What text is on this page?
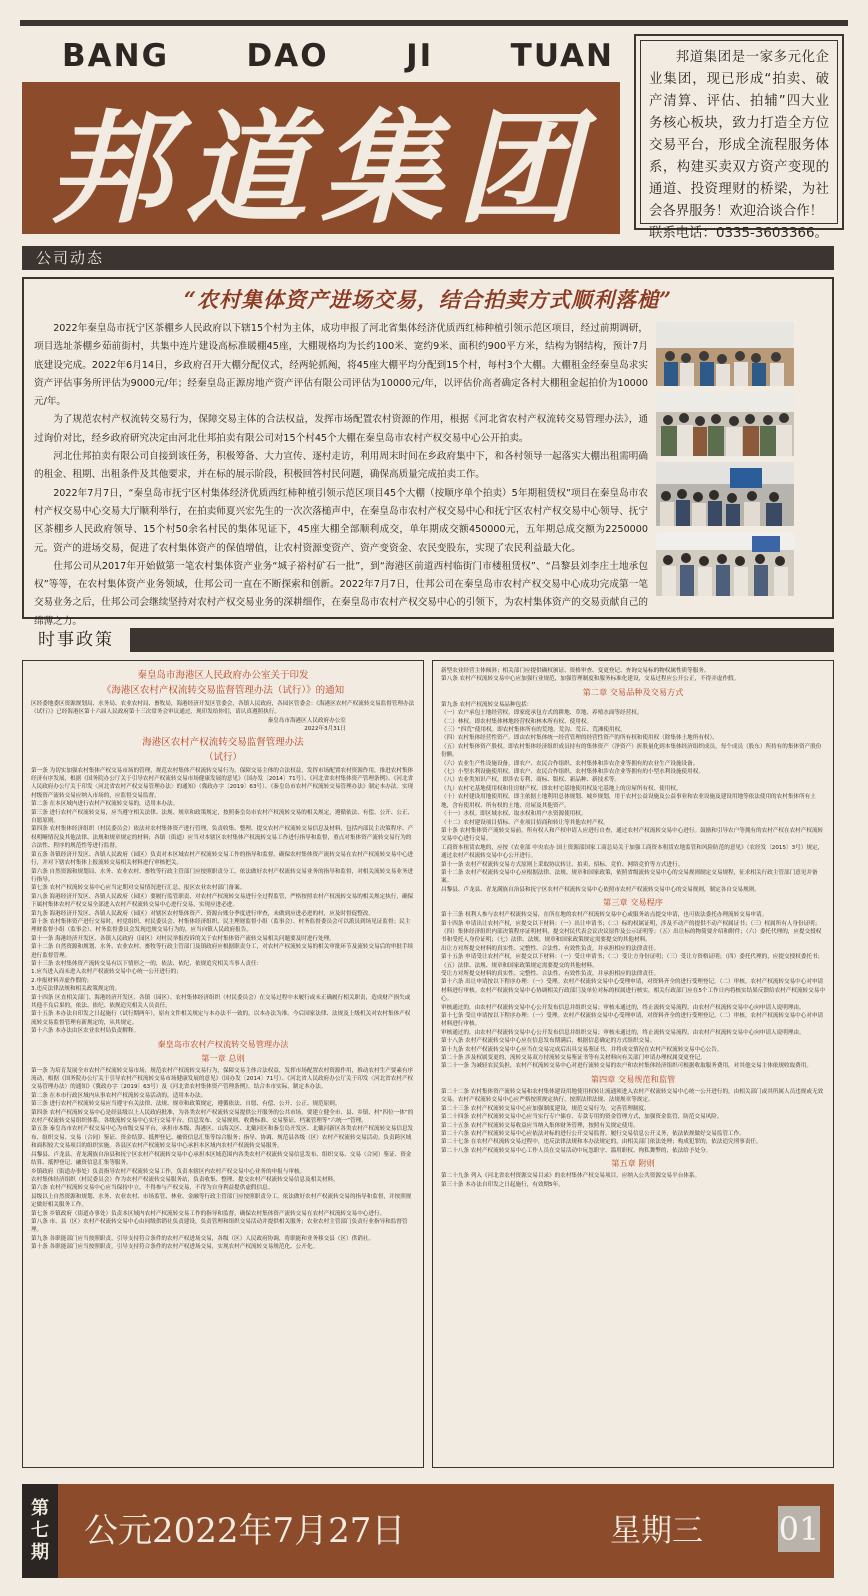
BANG	DAO	JI	TUAN
邦道集团
邦道集团是一家多元化企业集团，现已形成“拍卖、破产清算、评估、拍辅”四大业务核心板块，致力打造全方位交易平台，形成全流程服务体系，构建买卖双方资产变现的通道、投资理财的桥梁，为社会各界服务！欢迎洽谈合作！
联系电话：0335-3603366。
公司动态
“农村集体资产进场交易，结合拍卖方式顺利落槌”

2022年秦皇岛市抚宁区茶棚乡人民政府以下辖15个村为主体，成功申报了河北省集体经济优质西红柿种植引领示范区项目，经过前期调研，项目选址茶棚乡茹前街村，共集中连片建设高标准暖棚45座，大棚规格均为长约100米、宽约9米、面积约900平方米，结构为钢结构，预计7月底建设完成。2022年6月14日，乡政府召开大棚分配仪式，经两轮抓阄，将45座大棚平均分配到15个村，每村3个大棚。大棚租金经秦皇岛求实资产评估事务所评估为9000元/年；经秦皇岛正源房地产资产评估有限公司评估为10000元/年，以评估价高者确定各村大棚租金起拍价为10000元/年。

为了规范农村产权流转交易行为，保障交易主体的合法权益，发挥市场配置农村资源的作用，根据《河北省农村产权流转交易管理办法》，通过询价对比，经乡政府研究决定由河北仕邦拍卖有限公司对15个村45个大棚在秦皇岛市农村产权交易中心公开拍卖。

河北仕邦拍卖有限公司自接到该任务，积极筹备、大力宣传、逐村走访，利用周末时间在乡政府集中下，和各村领导一起落实大棚出租需明确的租金、租期、出租条件及其他要求，并在标的展示阶段，积极回答村民问题，确保高质量完成拍卖工作。

2022年7月7日，“秦皇岛市抚宁区村集体经济优质西红柿种植引领示范区项目45个大棚（按顺序单个拍卖）5年期租赁权”项目在秦皇岛市农村产权交易中心交易大厅顺利举行，在拍卖师夏兴宏先生的一次次落槌声中，在秦皇岛市农村产权交易中心和抚宁区农村产权交易中心领导、抚宁区茶棚乡人民政府领导、15个村50余名村民的集体见证下，45座大棚全部顺利成交，单年期成交额450000元，五年期总成交额为2250000元。资产的进场交易，促进了农村集体资产的保值增值，让农村资源变资产、资产变资金、农民变股东，实现了农民利益最大化。

仕邦公司从2017年开始做第一笔农村集体资产业务“城子裕村矿石一批”，到“海港区前道西村临街门市楼租赁权”、“昌黎县刘李庄土地承包权”等等，在农村集体资产业务领域，仕邦公司一直在不断探索和创新。2022年7月7日，仕邦公司在秦皇岛市农村产权交易中心成功完成第一笔交易业务之后，仕邦公司会继续坚持对农村产权交易业务的深耕细作，在秦皇岛市农村产权交易中心的引领下，为农村集体资产的交易贡献自己的绵薄之力。

时事政策

秦皇岛市海港区人民政府办公室关于印发

《海港区农村产权流转交易监督管理办法（试行）》的通知

区经委地委区资源规划局、水务局、农业农村局、畜牧局，海港经济开发区管委会，各镇人民政府，各园区管委会：《海港区农村产权流转交易监督管理办法（试行）》已经海港区第十六届人民政府第十三次常务会审议通过，现印发给你们，请认真遵照执行。

秦皇岛市海港区人民政府办公室

2022年3月31日

海港区农村产权流转交易监督管理办法

（试行）

第一条 为切实加强农村集体产权交易市场的管理，规范农村集体产权流转交易行为，保障交易主体的合法权益，发挥市场配置农村资源作用，推进农村集体经济有序发展，根据《国务院办公厅关于引导农村产权流转交易市场健康发展的意见》（国办发〔2014〕71号）、《河北省农村集体资产管理条例》、《河北省人民政府办公厅关于印发〈河北省农村产权交易管理办法〉的通知》（冀政办字〔2019〕63号）、《秦皇岛市农村产权流转交易管理办法》制定本办法。实现村级资产流转交易应纳入市场的，应监督交易监督。

第二条 在本区域内进行农村产权流转交易的，适用本办法。

第三条 进行农村产权流转交易，应当遵守相关法律、法规、规章和政策规定，按照秦皇岛市农村产权流转交易的相关规定，遵循依法、有偿、公开、公正、自愿原则。

第四条 农村集体经济组织（村民委员会）依法对农村集体资产进行管理，负责收集、整理、提交农村产权流转交易信息及材料，包括内部民主决策程序、产权明晰情况及其他法律、法规和规章规定的材料；各镇（街道）应当对本辖区农村集体产权流转交易工作进行指导和监督，重点对集体资产流转交易行为的合法性、程序的规范性等进行监督。

第五条 各镇经济开发区、各镇人民政府（园区）负责对本区域农村产权流转交易工作的指导和监督，确保农村集体资产流转交易在农村产权流转交易中心进行，并对下辖农村集体上报流转交易相关材料进行审核把关。

第六条 自然资源和规划局、水务、农业农村、畜牧等行政主管部门应按照职责分工，依法做好农村产权流转交易业务的指导和监督，对相关流转交易业务进行指导。

第七条 农村产权流转交易中心应当定期对交易情况进行汇总，报区农业农村部门备案。

第八条 海港经济开发区、各镇人民政府（园区）要履行监管职责，对农村产权流转交易进行全过程监管，严格按照农村产权流转交易的相关规定执行，确保下属村集体农村产权交易全部进入农村产权流转交易中心进行交易，实现应进必进。

第九条 海港经济开发区、各镇人民政府（园区）对辖区农村集体资产、资源台账分季度进行审查，未做到应进必进的村，应及时督促整改。

第十条 农村集体资产进行交易时，村党组织、村民委员会、村集体经济组织、民主理财监督小组（监事会）、村务监督委员会可以派员到场见证监督；民主理财监督小组（监事会）、村务监督委员会发现违规交易行为的，应当向镇人民政府报告。

第十一条 海港经济开发区、各镇人民政府（园区）对村民举报投诉的关于农村集体资产流转交易相关问题要及时进行处理。

第十二条 自然资源和规划、水务、农业农村、畜牧等行政主管部门及镇政府应根据职责分工，对农村产权流转交易的相关审批环节及流转交易后的审批手续进行监督管理。

第十三条 农村集体资产流转交易有以下情形之一的，依法、依纪、依规追究相关当事人责任：

1.应当进入而未进入农村产权流转交易中心统一公开进行的；

2.申报材料弄虚作假的；

3.违反法律法规和相关政策规定的。

第十四条 区直相关部门、海港经济开发区、各镇（园区）、农村集体经济组织（村民委员会）在交易过程中未履行或未正确履行相关职责，造成财产损失或其他不良后果的，依法、依纪、依规追究相关人员责任。

第十五条 本办法自印发之日起施行（试行期两年），原有文件相关规定与本办法不一致的，以本办法为准。今后国家法律、法规及上级机关对农村集体产权流转交易监督管理有新规定的，从其规定。

第十六条 本办法由区农业农村局负责解释。

秦皇岛市农村产权流转交易管理办法

第一章 总则

第一条 为培育发展全市农村产权流转交易市场，规范农村产权流转交易行为，保障交易主体合法权益，发挥市场配置农村资源作用，推动农村生产要素有序流动，根据《国务院办公厅关于引导农村产权流转交易市场健康发展的意见》（国办发〔2014〕71号）、《河北省人民政府办公厅关于印发〈河北省农村产权交易管理办法〉的通知》（冀政办字〔2019〕63号）及《河北省农村集体资产管理条例》，结合本市实际，制定本办法。

第二条 在本市行政区域内从事农村产权流转交易活动的，适用本办法。

第三条 进行农村产权流转交易应当遵守有关法律、法规、规章和政策规定，遵循依法、自愿、有偿、公开、公正、规范原则。

第四条 农村产权流转交易中心是经县级以上人民政府批准，为各类农村产权流转交易提供公开服务的公共市场。要建立健全市、县、乡镇、村“四位一体”的农村产权流转交易组织体系，各级流转交易中心实行交易平台、信息发布、交易规则、收费标准、交易鉴证、档案管理等“六统一”管理。

第五条 秦皇岛市农村产权交易中心为市级交易平台，承担市本级、海港区、山海关区、北戴河区和秦皇岛开发区、北戴河新区各类农村产权流转交易信息发布、组织交易、交易（合同）鉴证、资金结算、抵押登记、融资信息汇集等综合服务；指导、协调、规范县各级（区）农村产权流转交易活动。负责跨区域和面积较大交易项目的组织实施。各县区农村产权流转交易中心承担本区域内农村产权流转交易服务。

昌黎县、卢龙县、青龙满族自治县和抚宁区农村产权流转交易中心承担本区域范围内各类农村产权流转交易信息发布、组织交易、交易（合同）鉴证、资金结算、抵押登记、融资信息汇集等服务。

乡镇政府（街道办事处）负责指导农村产权流转交易工作，负责本辖区内农村产权交易中心业务的申报与审核。

农村集体经济组织（村民委员会）作为农村产权流转交易服务站，负责收集、整理、提交农村产权流转交易信息及相关材料。

第六条 农村产权流转交易中心应当保持中立，不得参与产权交易，不得为自身利益提供虚假信息。

县级以上自然资源和规划、水务、农业农村、市场监管、林业、金融等行政主管部门应按照职责分工，依法做好农村产权流转交易的指导和监督，并按照规定做好相关服务工作。

第七条 乡镇政府（街道办事处）负责本区域内农村产权流转交易工作的指导和监督，确保农村集体资产流转交易在农村产权流转交易中心进行。

第八条 市、县（区）农村产权流转交易中心由同级供销社负责建设，负责管理和组织交易活动并提供相关服务；农业农村主管部门负责行业指导和监督管理。

第九条 各职能部门应当按照职责，引导支持符合条件的农村产权进场交易，各级（区）人民政府协调，将职能和业务移交县（区）供销社。

第十条 各职能部门应当按照职责，引导支持符合条件的农村产权进场交易，实现农村产权流转交易规范化、公开化。

新型农业经营主体倾斜；相关部门应提供确权颁证、资格审查、变更登记、查询交易标的物权属性质等服务。

第八条 农村产权流转交易中心应加强行业规范，加强管理制度和服务标准化建设，交易过程应公开公正，不得弄虚作假。

第二章 交易品种及交易方式

第九条 农村产权流转交易品种包括：

（一）农户承包土地经营权。即家庭承包方式的耕地、草地、养殖水面等经营权。

（二）林权。即农村集体林地经营权和林木所有权、使用权。

（三）“四荒”使用权。即农村集体所有的荒地、荒沟、荒丘、荒滩使用权。

（四）农村集体经营性资产。即由农村集体统一经营管理的经营性资产的所有权和使用权（除集体土地所有权）。

（五）农村集体资产股权。即农村集体经济组织成员持有的集体资产（净资产）折股量化到本集体经济组织成员，每个成员（股东）所持有的集体资产股份份额。

（六）农业生产性设施设备。即农户、农民合作组织、农村集体和涉农企业等拥有的农业生产设施设备。

（七）小型水利设施使用权。即农户、农民合作组织、农村集体和涉农企业等拥有的小型水利设施使用权。

（八）农业类知识产权。即涉农专利、商标、版权、新品种、新技术等。

（九）农村宅基地使用权和住房财产权。即农村宅基地使用权及宅基地上的房屋所有权、使用权。

（十）农村建设用地使用权。即主依据土地利用总体规划、城乡规划，用于农村公益设施及公益事业和农业设施及建设用地等依法使用的农村集体所有土地，含有使用权、所有权的土地、房屋及其他资产。

（十一）水权。即区域水权、取水权和用户水资源使用权。

（十二）农村建设项目招标、产业项目招商和转让等其他农村产权。

第十条 农村集体资产流转交易前，所有权人和产权申请人应进行自查，通过农村产权流转交易中心进行。鼓励和引导农户等拥有的农村产权在农村产权流转交易中心进行交易。

工商资本租赁农地的，应按《农业部 中央农办 国土资源部国家工商总局关于加强工商资本租赁农地监管和风险防范的意见》（农经发〔2015〕3号）规定，通过农村产权流转交易中心公开进行。

第十一条 农村产权流转交易方式原则上采取协议转让、拍卖、招标、竞价、网络竞价等方式进行。

第十二条 农村产权流转交易中心应根据法律、法规、规章和国家政策，依照省级流转交易中心的交易规则制定交易规程，征求相关行政主管部门意见并备案。

昌黎县、卢龙县、青龙满族自治县和抚宁区农村产权流转交易中心依照市农村产权流转交易中心的交易规则，制定各自交易规则。

第三章 交易程序

第十三条 权利人参与农村产权流转交易，在所在地的农村产权流转交易中心或服务站点提交申请，也可依法委托办理流转交易申请。

第十四条 申请出让农村产权，应提交以下材料：（一）出让申请书；（二）标的权属证明，涉及不动产的提供不动产权属证书；（三）权属所有人身份证明；（四）集体经济组织内部决策程序证明材料，提交村民代表会议决议原件及公示证明等；（五）出让标的物简要介绍和附件；（六）委托代理的，应提交授权书和受托人身份证明；（七）法律、法规、规章和国家政策规定需要提交的其他材料。

出让方对所提交材料的真实性、完整性、合法性、有效性负责，并承担相应的法律责任。

第十五条 申请受让农村产权，应提交以下材料：（一）受让申请书；（二）受让方身份证明；（三）受让方资格证明；（四）委托代理的，应提交授权委托书；（五）法律、法规、规章和国家政策规定需要提交的其他材料。

受让方对所提交材料的真实性、完整性、合法性、有效性负责，并承担相应的法律责任。

第十六条 出让申请按以下程序办理：（一）受理。农村产权流转交易中心受理申请，对资料齐全的进行受理登记。（二）审核。农村产权流转交易中心对申请材料进行审核。农村产权流转交易中心协调相关行政部门及单位对标的权属进行核实，相关行政部门应在5个工作日内将核实结果反馈给农村产权流转交易中心。

审核通过的，由农村产权流转交易中心公开发布信息并组织交易；审核未通过的，终止流转交易流程，由农村产权流转交易中心向申请人说明理由。

第十七条 受让申请按以下程序办理：（一）受理。农村产权流转交易中心受理申请，对资料齐全的进行受理登记。（二）审核。农村产权流转交易中心对申请材料进行审核。

审核通过的，由农村产权流转交易中心公开发布信息并组织交易；审核未通过的，终止流转交易流程，由农村产权流转交易中心向申请人说明理由。

第十八条 农村产权流转交易中心应在信息发布期满后，根据信息确定的方式组织交易。

第十九条 农村产权流转交易中心应当在交易完成后出具交易鉴证书，并将成交情况在农村产权流转交易中心公告。

第二十条 涉及权属变更的，流转交易双方持流转交易鉴证书等有关材料向有关部门申请办理权属变更登记。

第二十一条 为减轻农民负担，农村产权流转交易中心对进行流转交易的农户和农村集体经济组织可根据收取服务费用，对其他交易主体依规收取费用。

第四章 交易规范和监管

第二十二条 农村集体资产流转交易和农村集体建设用地使用权转让流通须进入农村产权流转交易中心统一公开进行的，由相关部门或其所属人员违规或无效交易。农村产权流转交易中心应严格按照规定执行，按照法律法规、法规规章等规定。

第二十三条 农村产权流转交易中心应加强制度建设，规范交易行为，完善管理制度。

第二十四条 农村产权流转交易中心应当实行专户储存、专款专用的资金管理方式，加强资金监管，防范交易风险。

第二十五条 农村产权流转交易收益应当纳入集体财务管理，按照有关规定使用。

第二十六条 农村产权流转交易中心应依法对标的进行公开交易监督，履行交易信息公开义务，依法依规做好交易监管工作。

第二十七条 在农村产权流转交易过程中，违反法律法规和本办法规定的，由相关部门依法处理；构成犯罪的，依法追究刑事责任。

第二十八条 农村产权流转交易中心工作人员在交易活动中玩忽职守、滥用职权、徇私舞弊的，依法给予处分。

第五章 附则

第二十九条 列入《河北省农村资源交易目录》的农村集体产权交易项目，应纳入公共资源交易平台体系。

第三十条 本办法自印发之日起施行，有效期5年。

第
七
期
公元2022年7月27日	星期三 01
